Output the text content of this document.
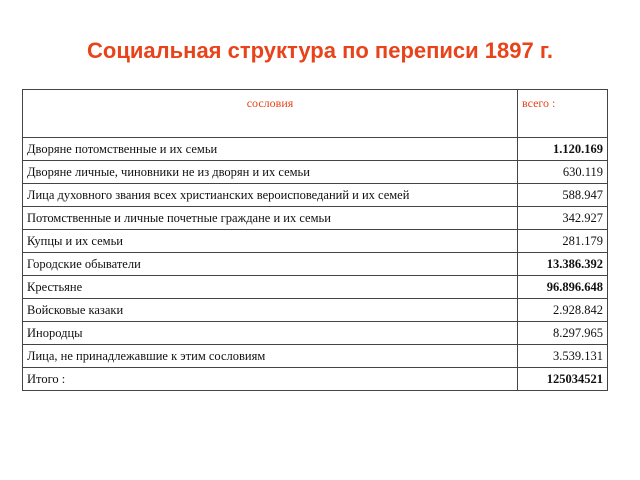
Социальная структура по переписи 1897 г.
сословия	всего :
Дворяне потомственные и их семьи	1.120.169
Дворяне личные, чиновники не из дворян и их семьи	630.119
Лица духовного звания всех христианских вероисповеданий и их семей	588.947
Потомственные и личные почетные граждане и их семьи	342.927
Купцы и их семьи	281.179
Городские обыватели	13.386.392
Крестьяне	96.896.648
Войсковые казаки	2.928.842
Инородцы	8.297.965
Лица, не принадлежавшие к этим сословиям	3.539.131
Итого :	125034521
